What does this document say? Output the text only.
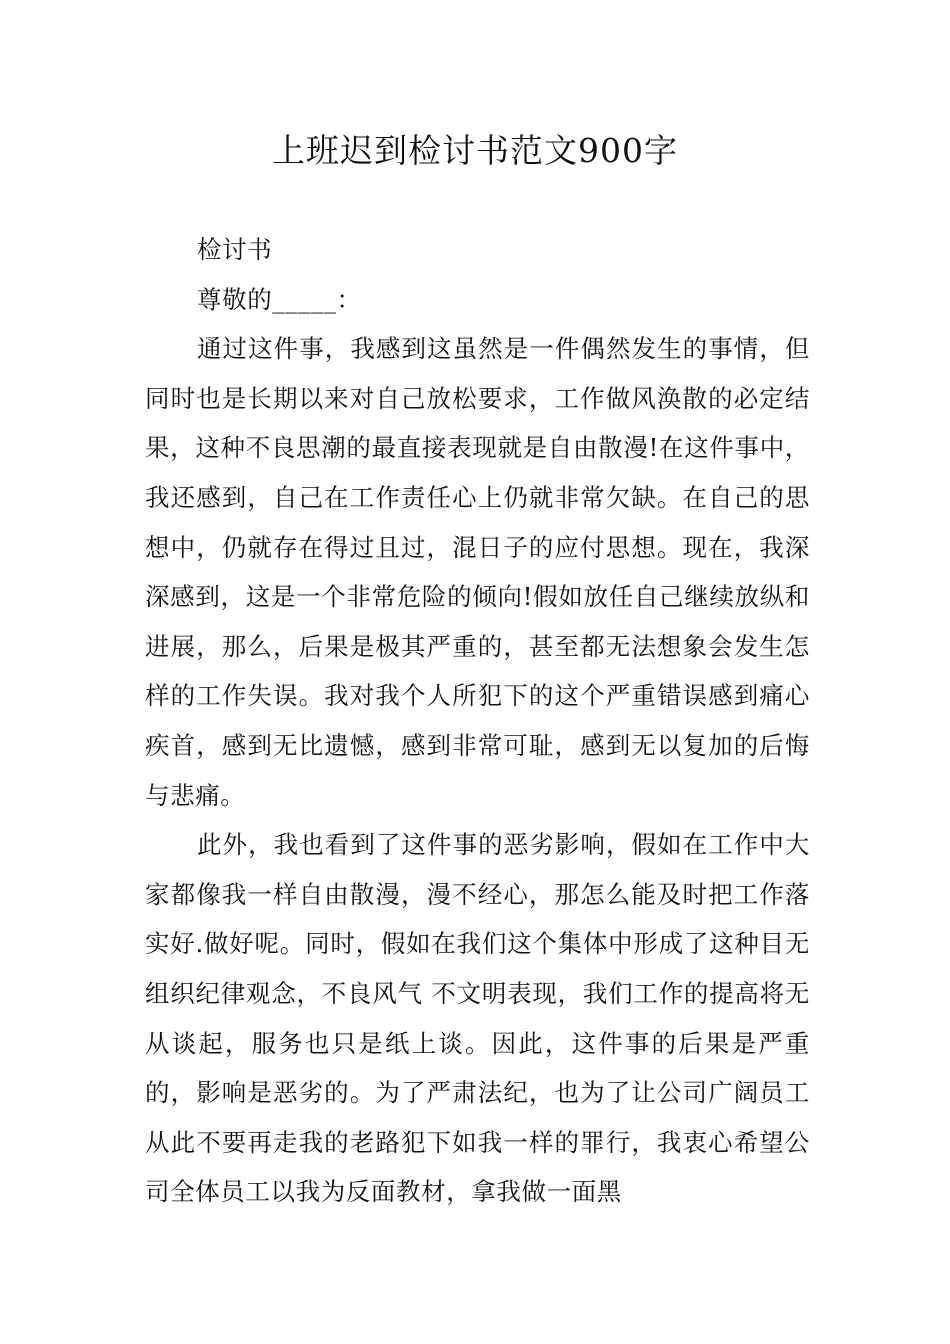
上班迟到检讨书范文900字

检讨书

尊敬的_____：

通过这件事，我感到这虽然是一件偶然发生的事情，但同时也是长期以来对自己放松要求，工作做风涣散的必定结果，这种不良思潮的最直接表现就是自由散漫!在这件事中，我还感到，自己在工作责任心上仍就非常欠缺。在自己的思想中，仍就存在得过且过，混日子的应付思想。现在，我深深感到，这是一个非常危险的倾向!假如放任自己继续放纵和进展，那么，后果是极其严重的，甚至都无法想象会发生怎样的工作失误。我对我个人所犯下的这个严重错误感到痛心疾首，感到无比遗憾，感到非常可耻，感到无以复加的后悔与悲痛。

此外，我也看到了这件事的恶劣影响，假如在工作中大家都像我一样自由散漫，漫不经心，那怎么能及时把工作落实好.做好呢。同时，假如在我们这个集体中形成了这种目无组织纪律观念，不良风气 不文明表现，我们工作的提高将无从谈起，服务也只是纸上谈。因此，这件事的后果是严重的，影响是恶劣的。为了严肃法纪，也为了让公司广阔员工从此不要再走我的老路犯下如我一样的罪行，我衷心希望公司全体员工以我为反面教材，拿我做一面黑
